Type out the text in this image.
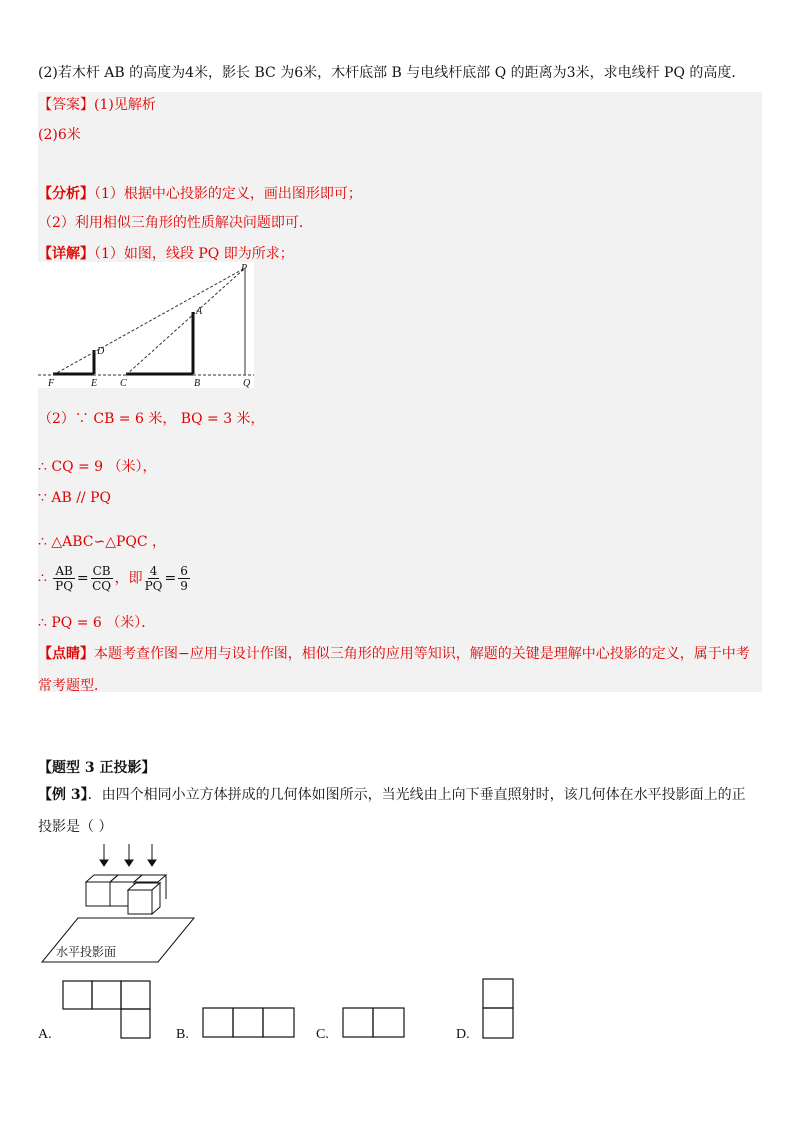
(2)若木杆 AB 的高度为4米，影长 BC 为6米，木杆底部 B 与电线杆底部 Q 的距离为3米，求电线杆 PQ 的高度．
【答案】(1)见解析
(2)6米
【分析】（1）根据中心投影的定义，画出图形即可；
（2）利用相似三角形的性质解决问题即可．
【详解】（1）如图，线段 PQ 即为所求；
P
A
D
F	E C	B	Q
（2）∵ CB = 6 米， BQ = 3 米，
∴ CQ = 9 （米），
∵ AB // PQ
∴ △ABC∽△PQC ，
∴ $\frac{AB}{PQ} = \frac{CB}{CQ}$ ，即 $\frac{4}{PQ} = \frac{6}{9}$
∴ PQ = 6 （米）．
【点睛】本题考查作图−应用与设计作图，相似三角形的应用等知识，解题的关键是理解中心投影的定义，属于中考
常考题型．
【题型 3 正投影】
【例 3】．由四个相同小立方体拼成的几何体如图所示，当光线由上向下垂直照射时，该几何体在水平投影面上的正
投影是（ ）
水平投影面
A.	B.	C.	D.
